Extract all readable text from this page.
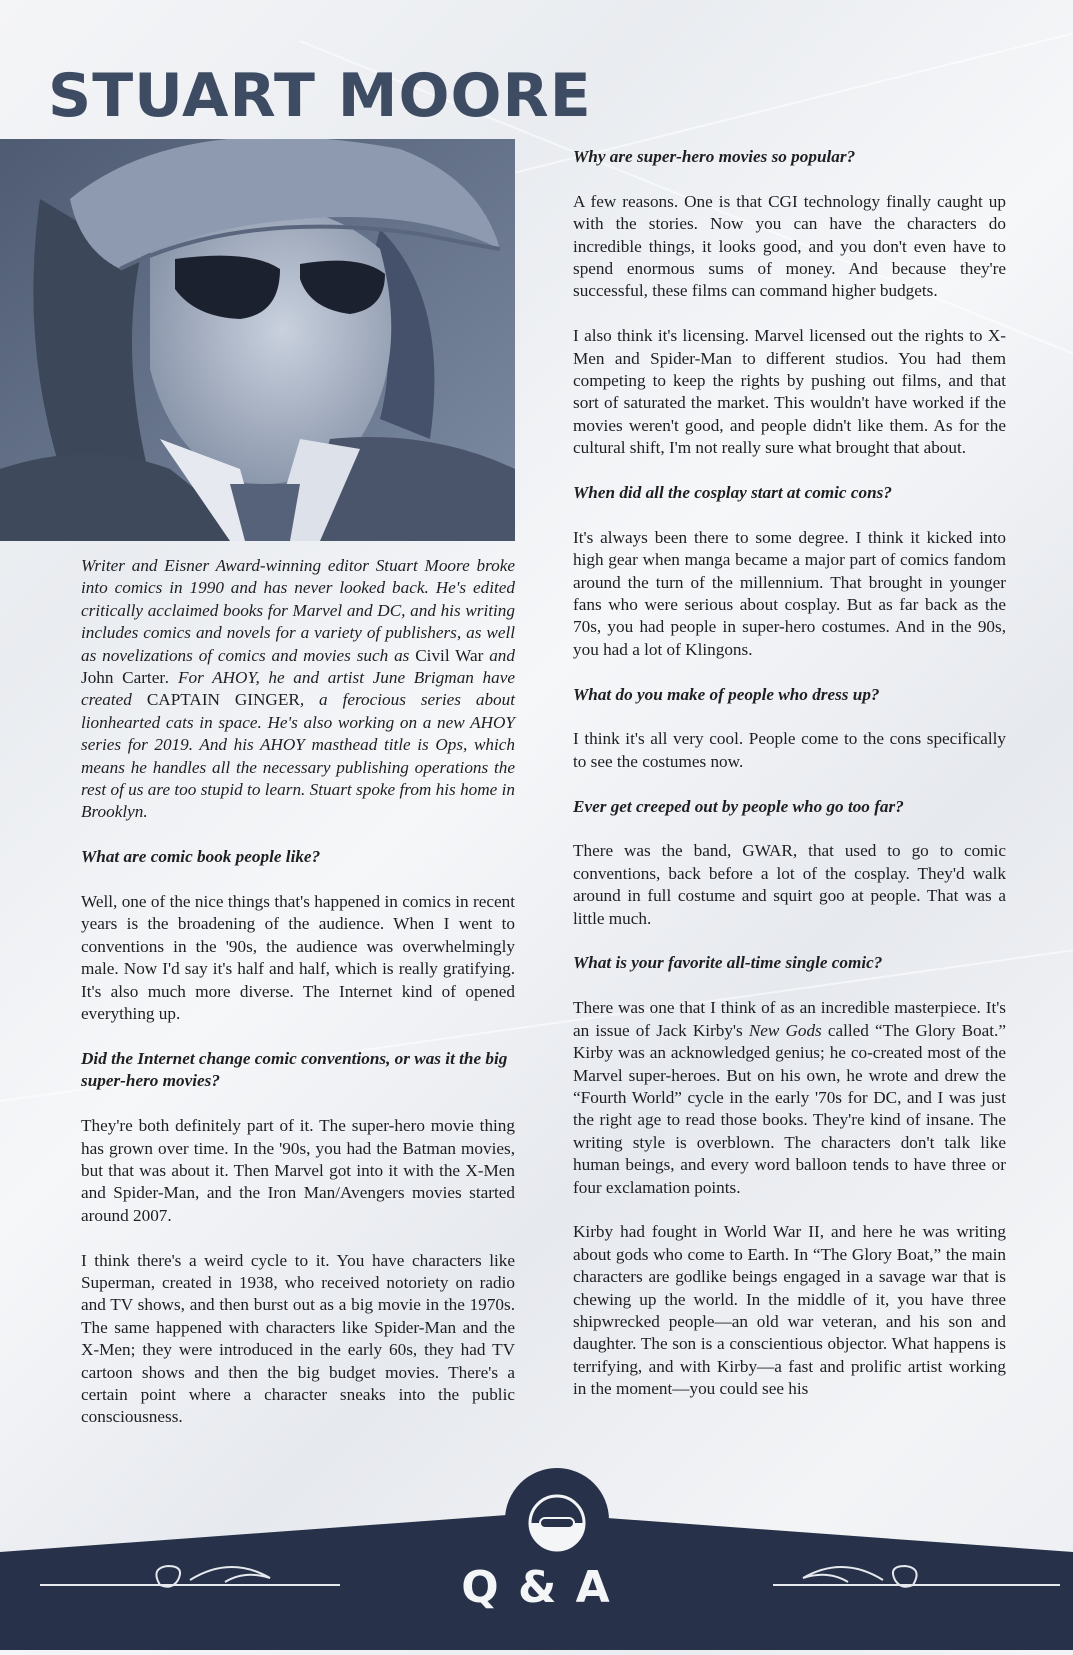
STUART MOORE

Writer and Eisner Award-winning editor Stuart Moore broke into comics in 1990 and has never looked back. He's edited critically acclaimed books for Marvel and DC, and his writing includes comics and novels for a variety of publishers, as well as novelizations of comics and movies such as Civil War and John Carter. For AHOY, he and artist June Brigman have created CAPTAIN GINGER, a ferocious series about lionhearted cats in space. He's also working on a new AHOY series for 2019. And his AHOY masthead title is Ops, which means he handles all the necessary publishing operations the rest of us are too stupid to learn. Stuart spoke from his home in Brooklyn.

What are comic book people like?

Well, one of the nice things that's happened in comics in recent years is the broadening of the audience. When I went to conventions in the '90s, the audience was overwhelmingly male. Now I'd say it's half and half, which is really gratifying. It's also much more diverse. The Internet kind of opened everything up.

Did the Internet change comic conventions, or was it the big super-hero movies?

They're both definitely part of it. The super-hero movie thing has grown over time. In the '90s, you had the Batman movies, but that was about it. Then Marvel got into it with the X-Men and Spider-Man, and the Iron Man/Avengers movies started around 2007.

I think there's a weird cycle to it. You have characters like Superman, created in 1938, who received notoriety on radio and TV shows, and then burst out as a big movie in the 1970s. The same happened with characters like Spider-Man and the X-Men; they were introduced in the early 60s, they had TV cartoon shows and then the big budget movies. There's a certain point where a character sneaks into the public consciousness.

Why are super-hero movies so popular?

A few reasons. One is that CGI technology finally caught up with the stories. Now you can have the characters do incredible things, it looks good, and you don't even have to spend enormous sums of money. And because they're successful, these films can command higher budgets.

I also think it's licensing. Marvel licensed out the rights to X-Men and Spider-Man to different studios. You had them competing to keep the rights by pushing out films, and that sort of saturated the market. This wouldn't have worked if the movies weren't good, and people didn't like them. As for the cultural shift, I'm not really sure what brought that about.

When did all the cosplay start at comic cons?

It's always been there to some degree. I think it kicked into high gear when manga became a major part of comics fandom around the turn of the millennium. That brought in younger fans who were serious about cosplay. But as far back as the 70s, you had people in super-hero costumes. And in the 90s, you had a lot of Klingons.

What do you make of people who dress up?

I think it's all very cool. People come to the cons specifically to see the costumes now.

Ever get creeped out by people who go too far?

There was the band, GWAR, that used to go to comic conventions, back before a lot of the cosplay. They'd walk around in full costume and squirt goo at people. That was a little much.

What is your favorite all-time single comic?

There was one that I think of as an incredible masterpiece. It's an issue of Jack Kirby's New Gods called “The Glory Boat.” Kirby was an acknowledged genius; he co-created most of the Marvel super-heroes. But on his own, he wrote and drew the “Fourth World” cycle in the early '70s for DC, and I was just the right age to read those books. They're kind of insane. The writing style is overblown. The characters don't talk like human beings, and every word balloon tends to have three or four exclamation points.

Kirby had fought in World War II, and here he was writing about gods who come to Earth. In “The Glory Boat,” the main characters are godlike beings engaged in a savage war that is chewing up the world. In the middle of it, you have three shipwrecked people—an old war veteran, and his son and daughter. The son is a conscientious objector. What happens is terrifying, and with Kirby—a fast and prolific artist working in the moment—you could see his

Q & A
